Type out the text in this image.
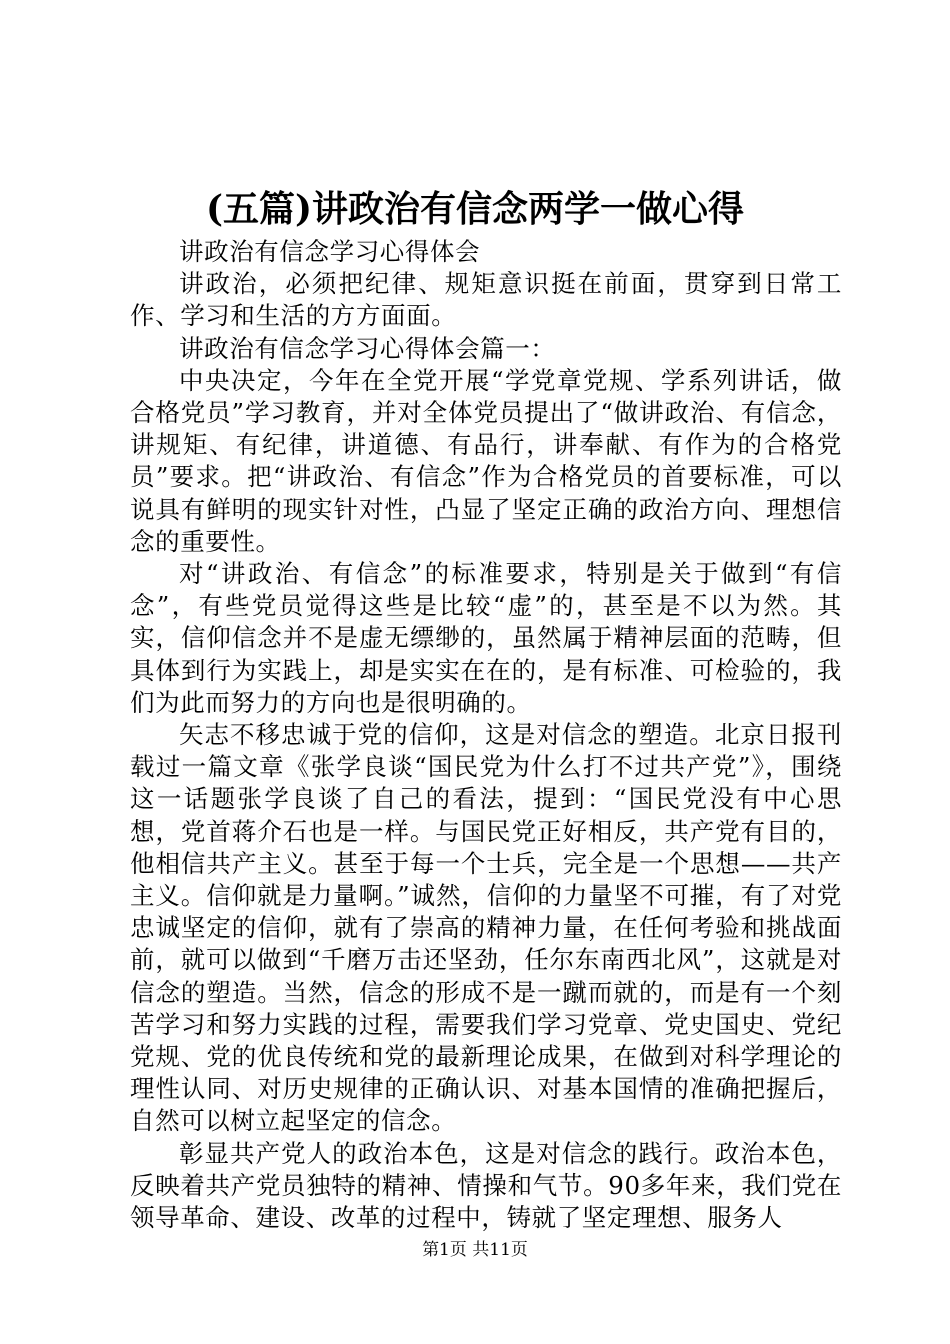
(五篇)讲政治有信念两学一做心得

讲政治有信念学习心得体会

讲政治，必须把纪律、规矩意识挺在前面，贯穿到日常工作、学习和生活的方方面面。

讲政治有信念学习心得体会篇一：

中央决定，今年在全党开展“学党章党规、学系列讲话，做合格党员”学习教育，并对全体党员提出了“做讲政治、有信念，讲规矩、有纪律，讲道德、有品行，讲奉献、有作为的合格党员”要求。把“讲政治、有信念”作为合格党员的首要标准，可以说具有鲜明的现实针对性，凸显了坚定正确的政治方向、理想信念的重要性。

对“讲政治、有信念”的标准要求，特别是关于做到“有信念”，有些党员觉得这些是比较“虚”的，甚至是不以为然。其实，信仰信念并不是虚无缥缈的，虽然属于精神层面的范畴，但具体到行为实践上，却是实实在在的，是有标准、可检验的，我们为此而努力的方向也是很明确的。

矢志不移忠诚于党的信仰，这是对信念的塑造。北京日报刊载过一篇文章《张学良谈“国民党为什么打不过共产党”》，围绕这一话题张学良谈了自己的看法，提到：“国民党没有中心思想，党首蒋介石也是一样。与国民党正好相反，共产党有目的，他相信共产主义。甚至于每一个士兵，完全是一个思想——共产主义。信仰就是力量啊。”诚然，信仰的力量坚不可摧，有了对党忠诚坚定的信仰，就有了崇高的精神力量，在任何考验和挑战面前，就可以做到“千磨万击还坚劲，任尔东南西北风”，这就是对信念的塑造。当然，信念的形成不是一蹴而就的，而是有一个刻苦学习和努力实践的过程，需要我们学习党章、党史国史、党纪党规、党的优良传统和党的最新理论成果，在做到对科学理论的理性认同、对历史规律的正确认识、对基本国情的准确把握后，自然可以树立起坚定的信念。

彰显共产党人的政治本色，这是对信念的践行。政治本色，反映着共产党员独特的精神、情操和气节。90多年来，我们党在领导革命、建设、改革的过程中，铸就了坚定理想、服务人

第1页 共11页
